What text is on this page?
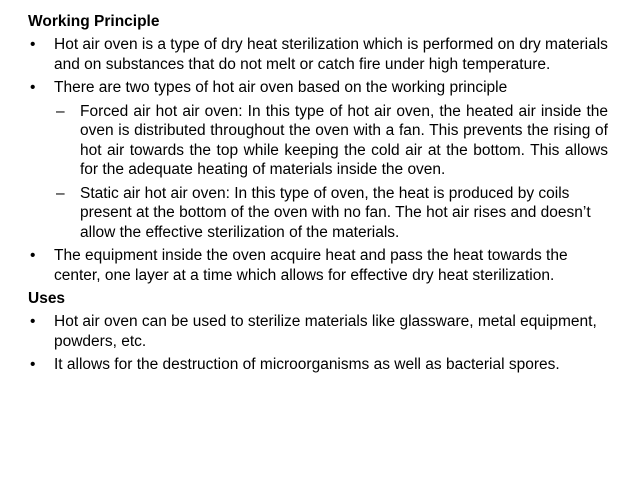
Working Principle
• Hot air oven is a type of dry heat sterilization which is performed on dry materials and on substances that do not melt or catch fire under high temperature.
• There are two types of hot air oven based on the working principle
– Forced air hot air oven: In this type of hot air oven, the heated air inside the oven is distributed throughout the oven with a fan. This prevents the rising of hot air towards the top while keeping the cold air at the bottom. This allows for the adequate heating of materials inside the oven.
– Static air hot air oven: In this type of oven, the heat is produced by coils present at the bottom of the oven with no fan. The hot air rises and doesn’t allow the effective sterilization of the materials.
• The equipment inside the oven acquire heat and pass the heat towards the center, one layer at a time which allows for effective dry heat sterilization.
Uses
• Hot air oven can be used to sterilize materials like glassware, metal equipment, powders, etc.
• It allows for the destruction of microorganisms as well as bacterial spores.
